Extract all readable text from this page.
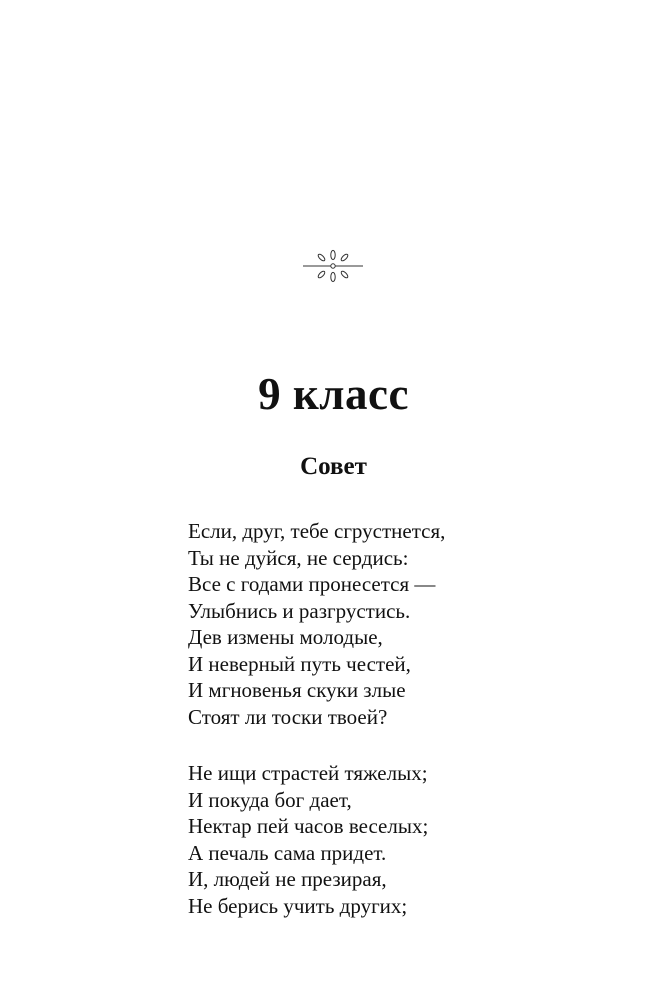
9 класс
Совет
Если, друг, тебе сгрустнется,
Ты не дуйся, не сердись:
Все с годами пронесется —
Улыбнись и разгрустись.
Дев измены молодые,
И неверный путь честей,
И мгновенья скуки злые
Стоят ли тоски твоей?
Не ищи страстей тяжелых;
И покуда бог дает,
Нектар пей часов веселых;
А печаль сама придет.
И, людей не презирая,
Не берись учить других;
